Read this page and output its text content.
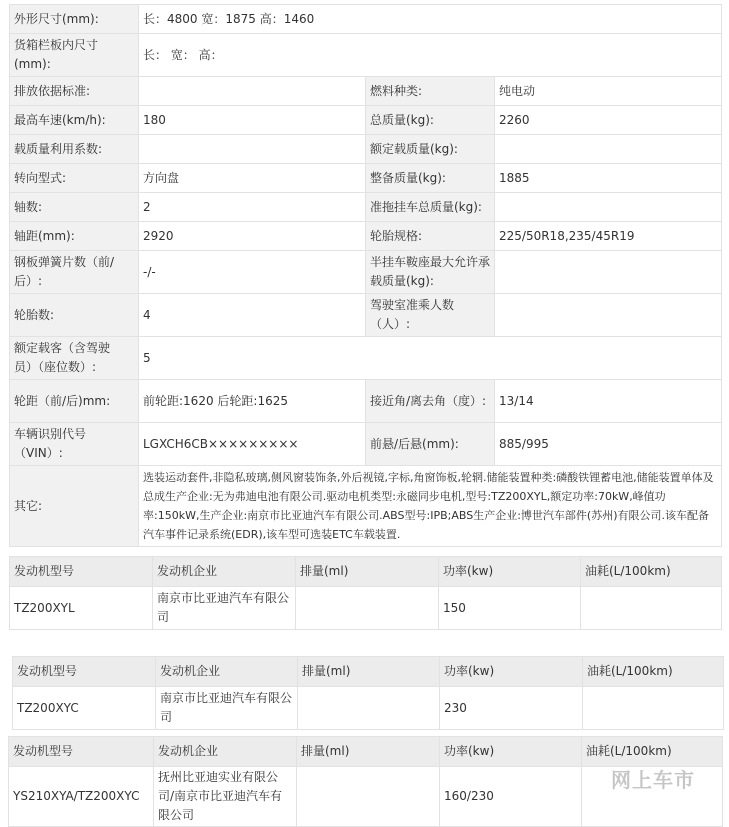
外形尺寸(mm):	长：4800 宽：1875 高：1460		
货箱栏板内尺寸(mm):	长： 宽： 高：		
排放依据标准:		燃料种类:	纯电动
最高车速(km/h):	180	总质量(kg):	2260
载质量利用系数:		额定载质量(kg):	
转向型式:	方向盘	整备质量(kg):	1885
轴数:	2	准拖挂车总质量(kg):	
轴距(mm):	2920	轮胎规格:	225/50R18,235/45R19
钢板弹簧片数（前/后）:	-/-	半挂车鞍座最大允许承载质量(kg):	
轮胎数:	4	驾驶室准乘人数（人）:	
额定载客（含驾驶员）（座位数）:	5		
轮距（前/后)mm:	前轮距:1620 后轮距:1625	接近角/离去角（度）:	13/14
车辆识别代号（VIN）:	LGXCH6CB×××××××××	前悬/后悬(mm):	885/995
其它:	选装运动套件,非隐私玻璃,侧风窗装饰条,外后视镜,字标,角窗饰板,轮辋.储能装置种类:磷酸铁锂蓄电池,储能装置单体及总成生产企业:无为弗迪电池有限公司.驱动电机类型:永磁同步电机,型号:TZ200XYL,额定功率:70kW,峰值功率:150kW,生产企业:南京市比亚迪汽车有限公司.ABS型号:IPB;ABS生产企业:博世汽车部件(苏州)有限公司.该车配备汽车事件记录系统(EDR),该车型可选装ETC车载装置.		
发动机型号	发动机企业	排量(ml)	功率(kw)	油耗(L/100km)
TZ200XYL	南京市比亚迪汽车有限公司		150	
发动机型号	发动机企业	排量(ml)	功率(kw)	油耗(L/100km)
TZ200XYC	南京市比亚迪汽车有限公司		230	
发动机型号	发动机企业	排量(ml)	功率(kw)	油耗(L/100km)
YS210XYA/TZ200XYC	抚州比亚迪实业有限公司/南京市比亚迪汽车有限公司		160/230	
网上车市
